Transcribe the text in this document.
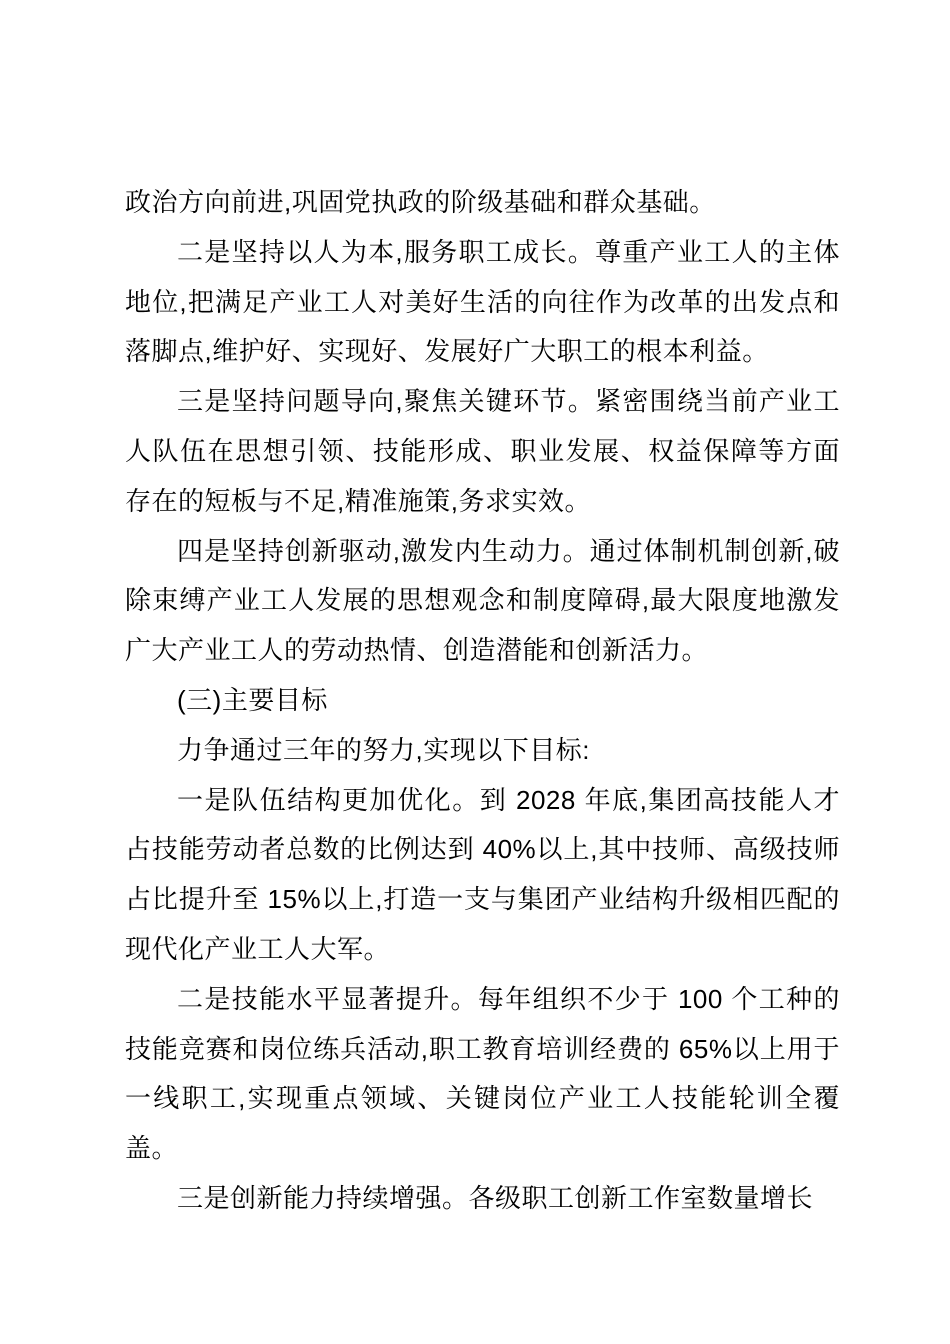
政治方向前进,巩固党执政的阶级基础和群众基础。

二是坚持以人为本,服务职工成长。尊重产业工人的主体地位,把满足产业工人对美好生活的向往作为改革的出发点和落脚点,维护好、实现好、发展好广大职工的根本利益。

三是坚持问题导向,聚焦关键环节。紧密围绕当前产业工人队伍在思想引领、技能形成、职业发展、权益保障等方面存在的短板与不足,精准施策,务求实效。

四是坚持创新驱动,激发内生动力。通过体制机制创新,破除束缚产业工人发展的思想观念和制度障碍,最大限度地激发广大产业工人的劳动热情、创造潜能和创新活力。

(三)主要目标

力争通过三年的努力,实现以下目标:

一是队伍结构更加优化。到 2028 年底,集团高技能人才占技能劳动者总数的比例达到 40%以上,其中技师、高级技师占比提升至 15%以上,打造一支与集团产业结构升级相匹配的现代化产业工人大军。

二是技能水平显著提升。每年组织不少于 100 个工种的技能竞赛和岗位练兵活动,职工教育培训经费的 65%以上用于一线职工,实现重点领域、关键岗位产业工人技能轮训全覆盖。

三是创新能力持续增强。各级职工创新工作室数量增长
